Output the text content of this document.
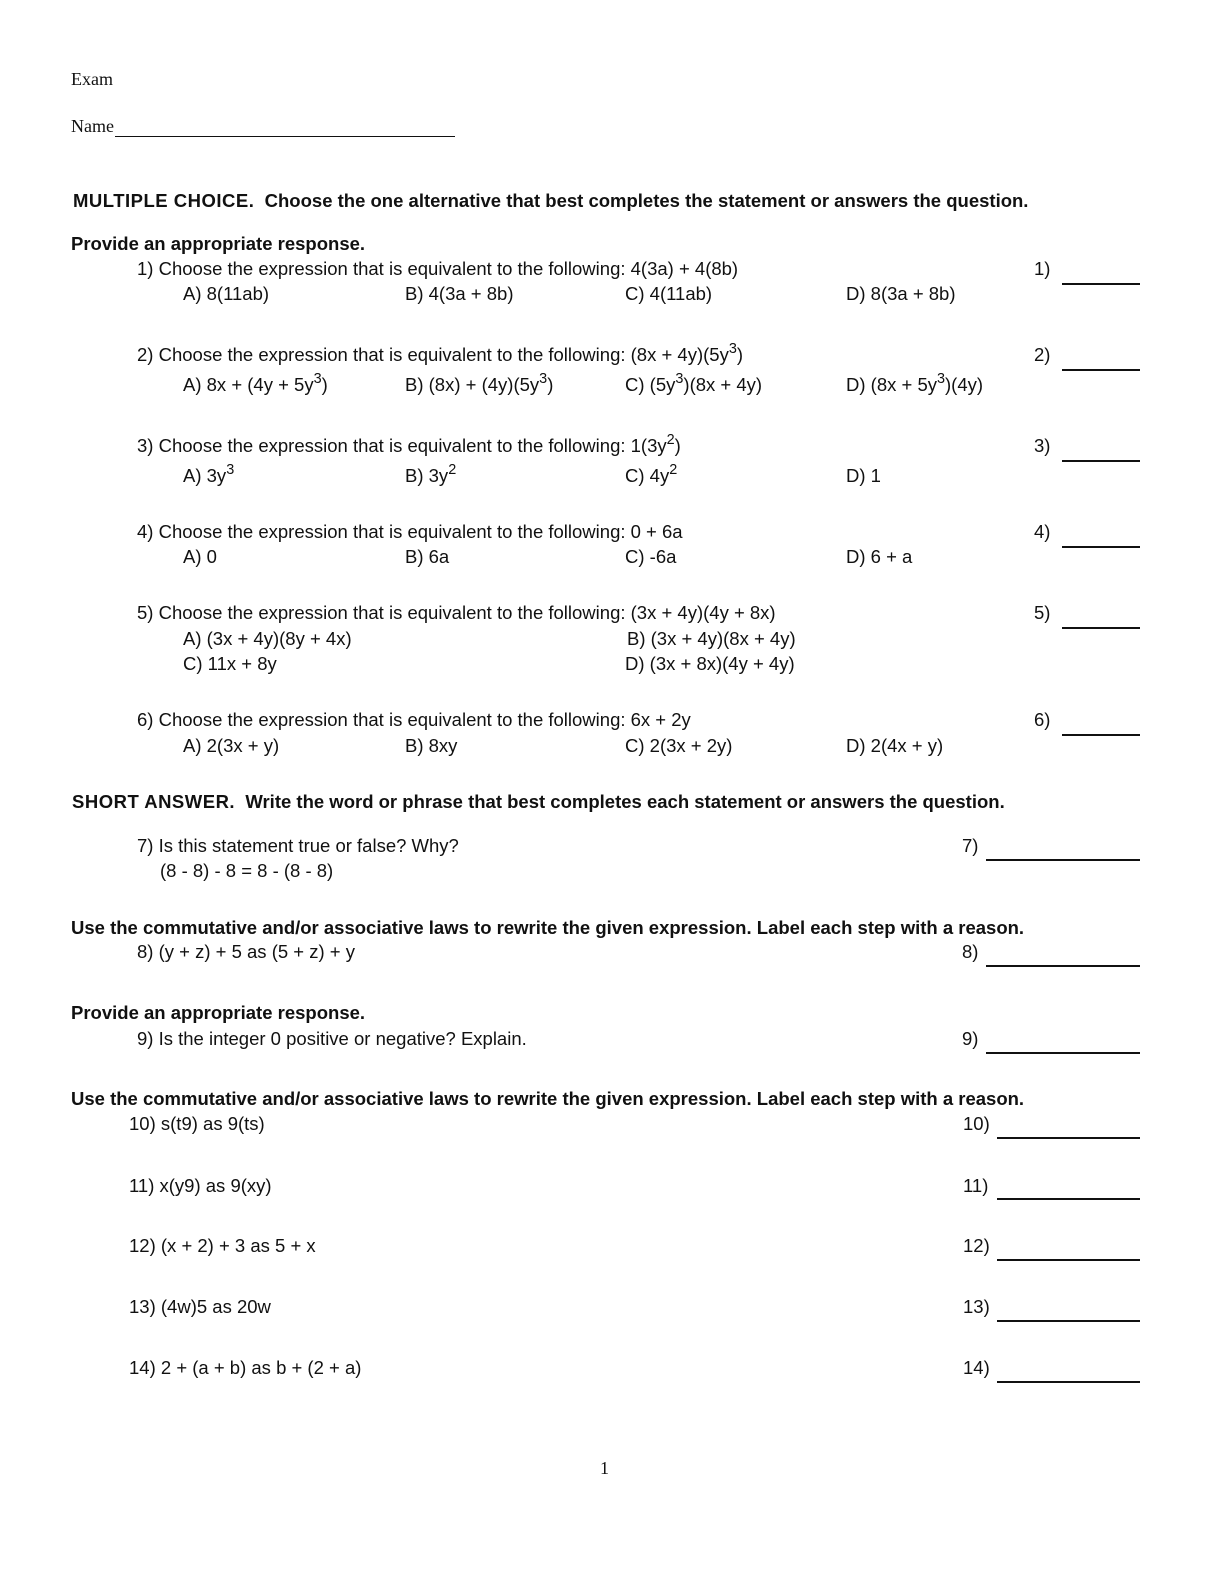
Exam
Name
MULTIPLE CHOICE. Choose the one alternative that best completes the statement or answers the question.
Provide an appropriate response.
1) Choose the expression that is equivalent to the following: 4(3a) + 4(8b)
A) 8(11ab)	B) 4(3a + 8b)	C) 4(11ab)	D) 8(3a + 8b)
1)
2) Choose the expression that is equivalent to the following: $(8x + 4y)(5y^3)$
A) $8x + (4y + 5y^3)$	B) $(8x) + (4y)(5y^3)$	C) $(5y^3)(8x + 4y)$	D) $(8x + 5y^3)(4y)$
2)
3) Choose the expression that is equivalent to the following: $1(3y^2)$
A) $3y^3$	B) $3y^2$	C) $4y^2$	D) 1
3)
4) Choose the expression that is equivalent to the following: 0 + 6a
A) 0	B) 6a	C) -6a	D) 6 + a
4)
5) Choose the expression that is equivalent to the following: (3x + 4y)(4y + 8x)
A) (3x + 4y)(8y + 4x)	B) (3x + 4y)(8x + 4y)
C) 11x + 8y	D) (3x + 8x)(4y + 4y)
5)
6) Choose the expression that is equivalent to the following: 6x + 2y
A) 2(3x + y)	B) 8xy	C) 2(3x + 2y)	D) 2(4x + y)
6)
SHORT ANSWER. Write the word or phrase that best completes each statement or answers the question.
7) Is this statement true or false? Why?
(8 - 8) - 8 = 8 - (8 - 8)
7)
Use the commutative and/or associative laws to rewrite the given expression. Label each step with a reason.
8) (y + z) + 5 as (5 + z) + y	8)
Provide an appropriate response.
9) Is the integer 0 positive or negative? Explain.	9)
Use the commutative and/or associative laws to rewrite the given expression. Label each step with a reason.
10) s(t9) as 9(ts)	10)
11) x(y9) as 9(xy)	11)
12) (x + 2) + 3 as 5 + x	12)
13) (4w)5 as 20w	13)
14) 2 + (a + b) as b + (2 + a)	14)
1
